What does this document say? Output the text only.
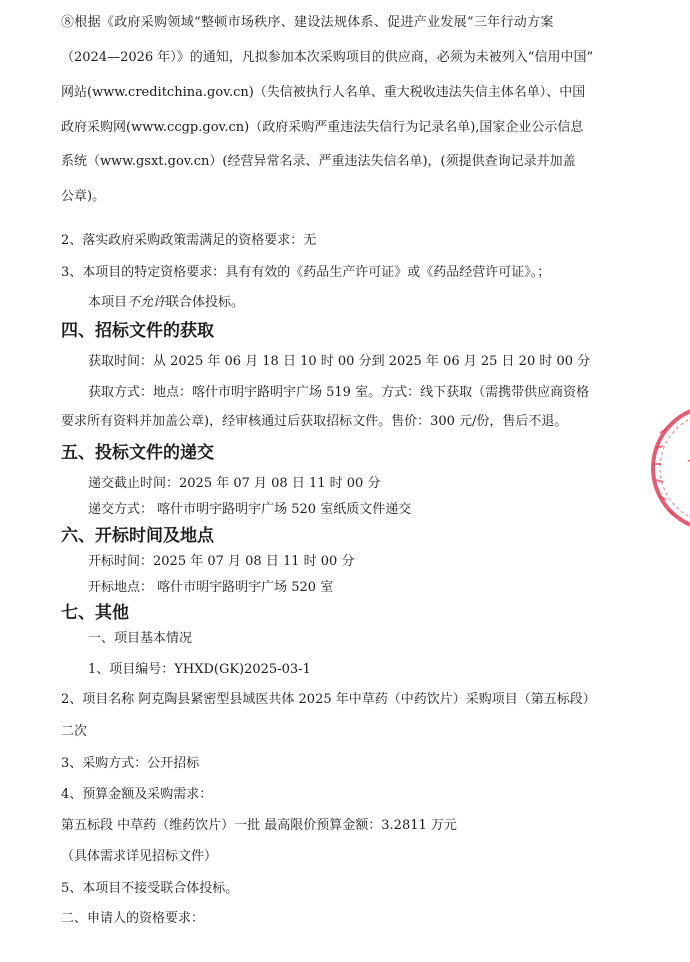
⑧根据《政府采购领域“整顿市场秩序、建设法规体系、促进产业发展”三年行动方案
（2024—2026 年）》的通知，凡拟参加本次采购项目的供应商，必须为未被列入“信用中国”
网站(www.creditchina.gov.cn)（失信被执行人名单、重大税收违法失信主体名单）、中国
政府采购网(www.ccgp.gov.cn)（政府采购严重违法失信行为记录名单),国家企业公示信息
系统（www.gsxt.gov.cn）(经营异常名录、严重违法失信名单)，(须提供查询记录并加盖
公章)。
2、落实政府采购政策需满足的资格要求：无
3、本项目的特定资格要求：具有有效的《药品生产许可证》或《药品经营许可证》。；
本项目不允许联合体投标。
四、招标文件的获取
获取时间：从 2025 年 06 月 18 日 10 时 00 分到 2025 年 06 月 25 日 20 时 00 分
获取方式：地点：喀什市明宇路明宇广场 519 室。方式：线下获取（需携带供应商资格
要求所有资料并加盖公章)，经审核通过后获取招标文件。售价：300 元/份，售后不退。
五、投标文件的递交
递交截止时间：2025 年 07 月 08 日 11 时 00 分
递交方式： 喀什市明宇路明宇广场 520 室纸质文件递交
六、开标时间及地点
开标时间：2025 年 07 月 08 日 11 时 00 分
开标地点： 喀什市明宇路明宇广场 520 室
七、其他
一、项目基本情况
1、项目编号：YHXD(GK)2025-03-1
2、项目名称 阿克陶县紧密型县域医共体 2025 年中草药（中药饮片）采购项目（第五标段）
二次
3、采购方式：公开招标
4、预算金额及采购需求：
第五标段 中草药（维药饮片）一批 最高限价预算金额：3.2811 万元
（具体需求详见招标文件）
5、本项目不接受联合体投标。
二、申请人的资格要求：
